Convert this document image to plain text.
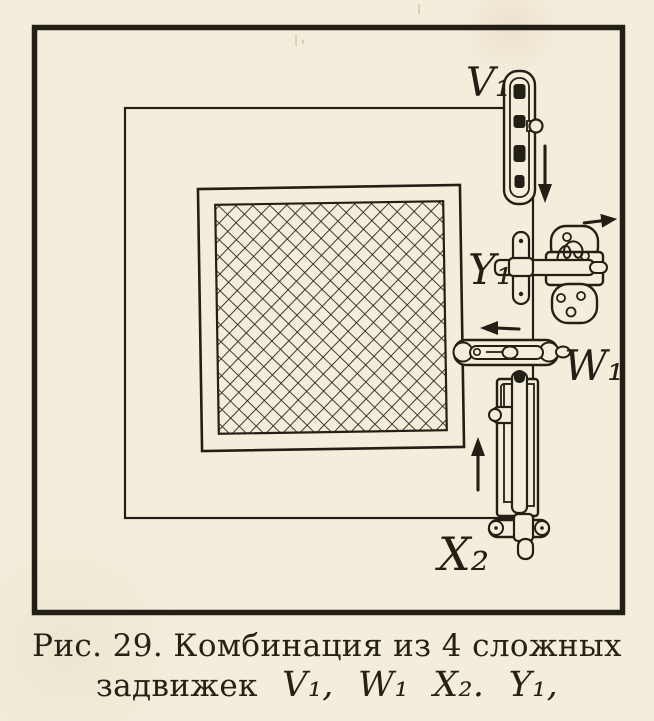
V₁
Y₁
W₁
X₂
Рис. 29. Комбинация из 4 сложных
задвижек V₁, W₁ X₂. Y₁,
